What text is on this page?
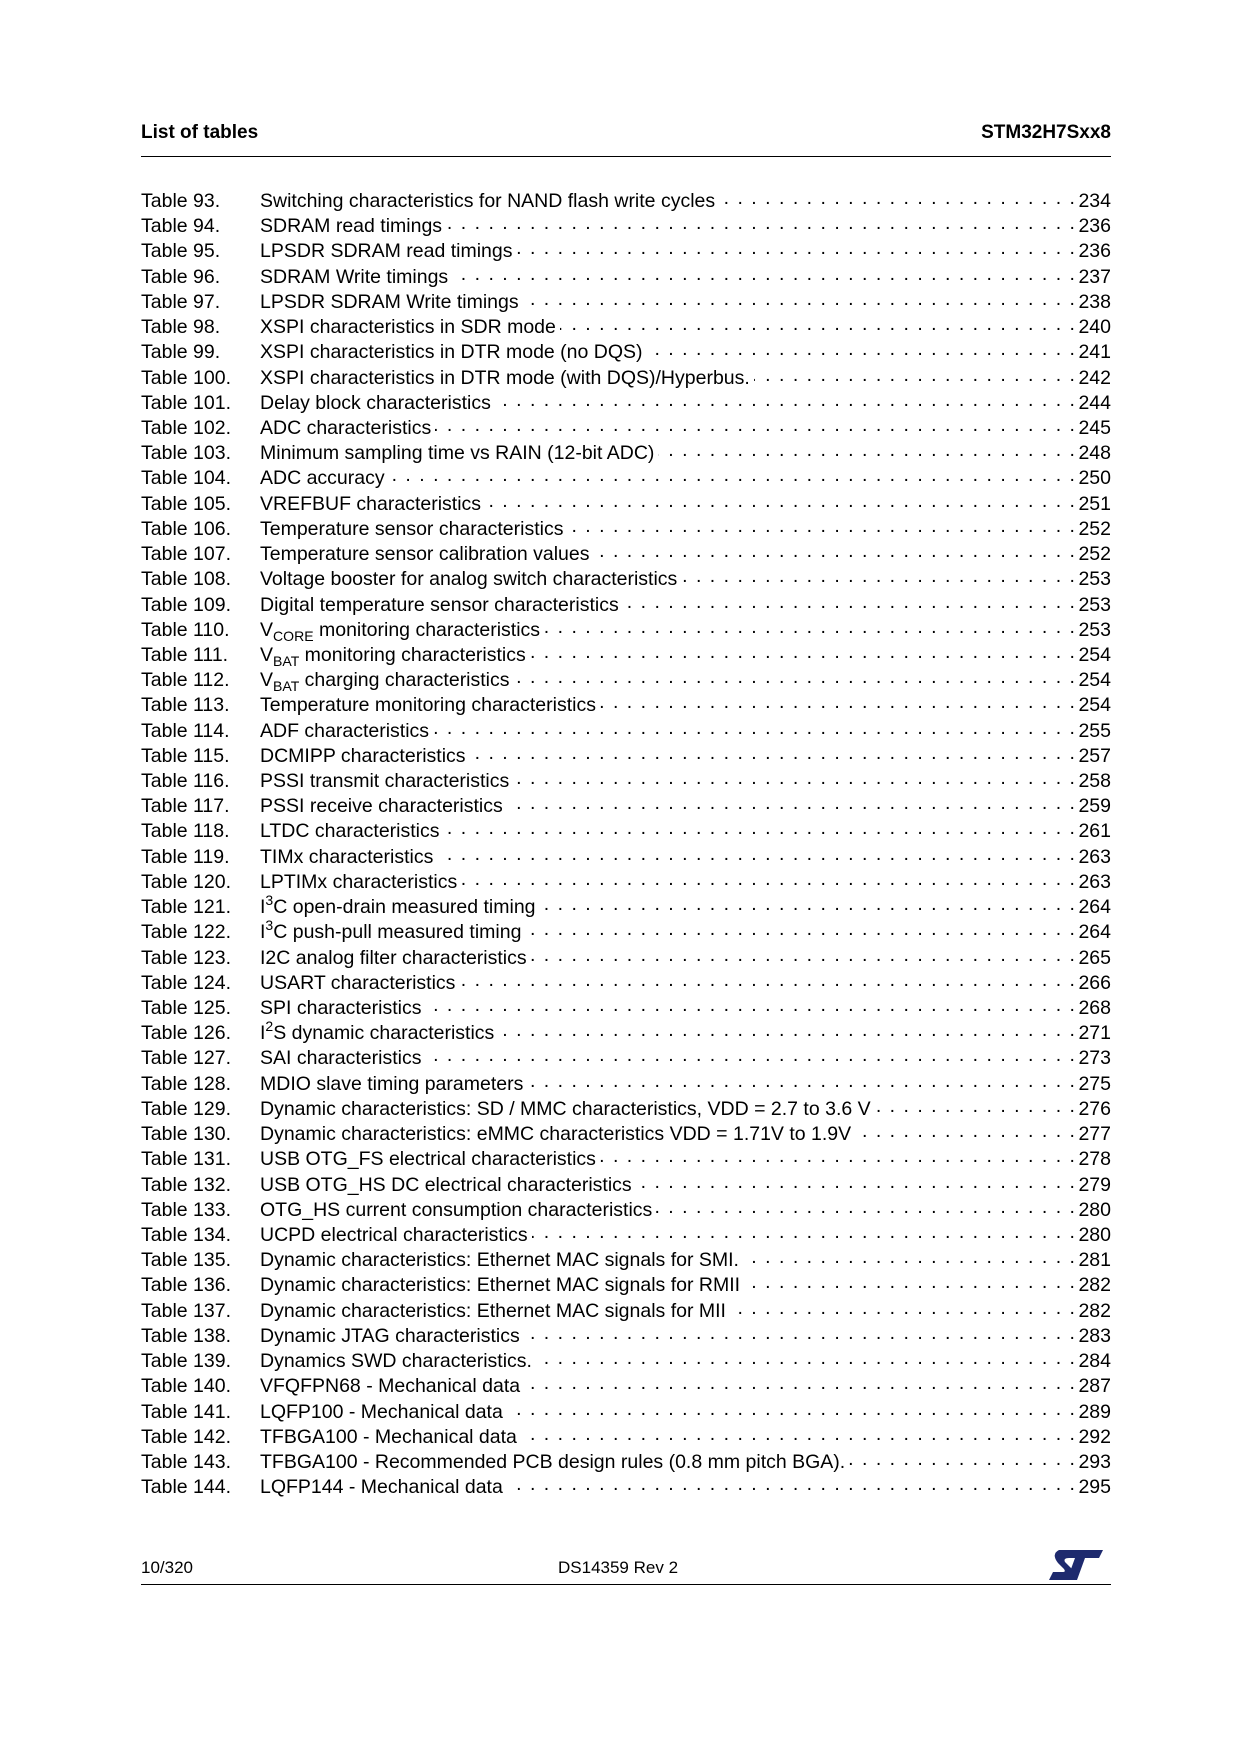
List of tables	STM32H7Sxx8
Table 93.	Switching characteristics for NAND flash write cycles . . .	234
Table 94.	SDRAM read timings . . .	236
Table 95.	LPSDR SDRAM read timings . . .	236
Table 96.	SDRAM Write timings . . .	237
Table 97.	LPSDR SDRAM Write timings . . .	238
Table 98.	XSPI characteristics in SDR mode . . .	240
Table 99.	XSPI characteristics in DTR mode (no DQS) . . .	241
Table 100.	XSPI characteristics in DTR mode (with DQS)/Hyperbus. . . .	242
Table 101.	Delay block characteristics . . .	244
Table 102.	ADC characteristics . . .	245
Table 103.	Minimum sampling time vs RAIN (12-bit ADC) . . .	248
Table 104.	ADC accuracy . . .	250
Table 105.	VREFBUF characteristics . . .	251
Table 106.	Temperature sensor characteristics . . .	252
Table 107.	Temperature sensor calibration values . . .	252
Table 108.	Voltage booster for analog switch characteristics . . .	253
Table 109.	Digital temperature sensor characteristics . . .	253
Table 110.	$V_{CORE}$ monitoring characteristics . . .	253
Table 111.	$V_{BAT}$ monitoring characteristics . . .	254
Table 112.	$V_{BAT}$ charging characteristics . . .	254
Table 113.	Temperature monitoring characteristics . . .	254
Table 114.	ADF characteristics . . .	255
Table 115.	DCMIPP characteristics . . .	257
Table 116.	PSSI transmit characteristics . . .	258
Table 117.	PSSI receive characteristics . . .	259
Table 118.	LTDC characteristics . . .	261
Table 119.	TIMx characteristics . . .	263
Table 120.	LPTIMx characteristics . . .	263
Table 121.	$I^3C$ open-drain measured timing . . .	264
Table 122.	$I^3C$ push-pull measured timing . . .	264
Table 123.	I2C analog filter characteristics . . .	265
Table 124.	USART characteristics . . .	266
Table 125.	SPI characteristics . . .	268
Table 126.	$I^2S$ dynamic characteristics . . .	271
Table 127.	SAI characteristics . . .	273
Table 128.	MDIO slave timing parameters . . .	275
Table 129.	Dynamic characteristics: SD / MMC characteristics, VDD = 2.7 to 3.6 V . . .	276
Table 130.	Dynamic characteristics: eMMC characteristics VDD = 1.71V to 1.9V . . .	277
Table 131.	USB OTG_FS electrical characteristics . . .	278
Table 132.	USB OTG_HS DC electrical characteristics . . .	279
Table 133.	OTG_HS current consumption characteristics . . .	280
Table 134.	UCPD electrical characteristics . . .	280
Table 135.	Dynamic characteristics: Ethernet MAC signals for SMI. . . .	281
Table 136.	Dynamic characteristics: Ethernet MAC signals for RMII . . .	282
Table 137.	Dynamic characteristics: Ethernet MAC signals for MII . . .	282
Table 138.	Dynamic JTAG characteristics . . .	283
Table 139.	Dynamics SWD characteristics. . . .	284
Table 140.	VFQFPN68 - Mechanical data . . .	287
Table 141.	LQFP100 - Mechanical data . . .	289
Table 142.	TFBGA100 - Mechanical data . . .	292
Table 143.	TFBGA100 - Recommended PCB design rules (0.8 mm pitch BGA). . . .	293
Table 144.	LQFP144 - Mechanical data . . .	295
10/320	DS14359 Rev 2
